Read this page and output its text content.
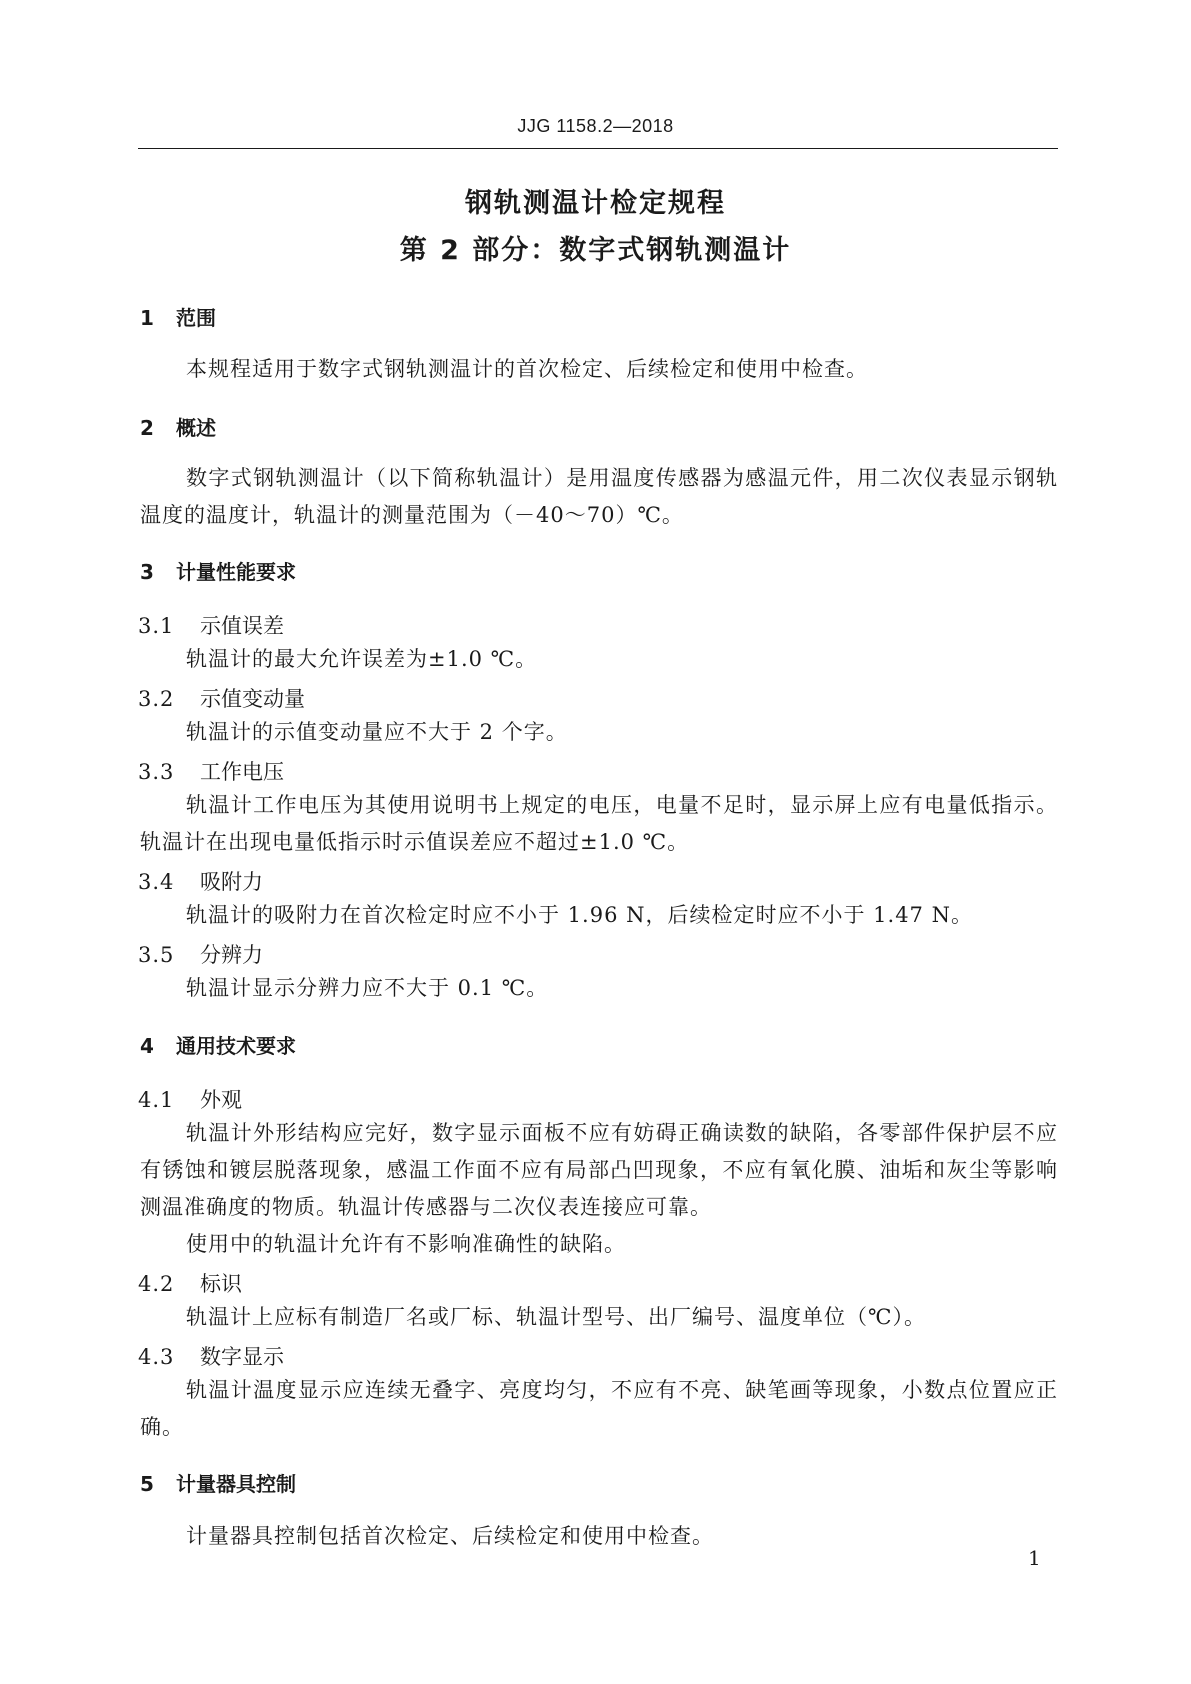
JJG 1158.2—2018
钢轨测温计检定规程
第 2 部分：数字式钢轨测温计
1 范围
本规程适用于数字式钢轨测温计的首次检定、后续检定和使用中检查。
2 概述
数字式钢轨测温计（以下简称轨温计）是用温度传感器为感温元件，用二次仪表显示钢轨温度的温度计，轨温计的测量范围为（－40～70）℃。
3 计量性能要求
3.1 示值误差
轨温计的最大允许误差为±1.0 ℃。
3.2 示值变动量
轨温计的示值变动量应不大于 2 个字。
3.3 工作电压
轨温计工作电压为其使用说明书上规定的电压，电量不足时，显示屏上应有电量低指示。轨温计在出现电量低指示时示值误差应不超过±1.0 ℃。
3.4 吸附力
轨温计的吸附力在首次检定时应不小于 1.96 N，后续检定时应不小于 1.47 N。
3.5 分辨力
轨温计显示分辨力应不大于 0.1 ℃。
4 通用技术要求
4.1 外观
轨温计外形结构应完好，数字显示面板不应有妨碍正确读数的缺陷，各零部件保护层不应有锈蚀和镀层脱落现象，感温工作面不应有局部凸凹现象，不应有氧化膜、油垢和灰尘等影响测温准确度的物质。轨温计传感器与二次仪表连接应可靠。
使用中的轨温计允许有不影响准确性的缺陷。
4.2 标识
轨温计上应标有制造厂名或厂标、轨温计型号、出厂编号、温度单位（℃）。
4.3 数字显示
轨温计温度显示应连续无叠字、亮度均匀，不应有不亮、缺笔画等现象，小数点位置应正确。
5 计量器具控制
计量器具控制包括首次检定、后续检定和使用中检查。
1
